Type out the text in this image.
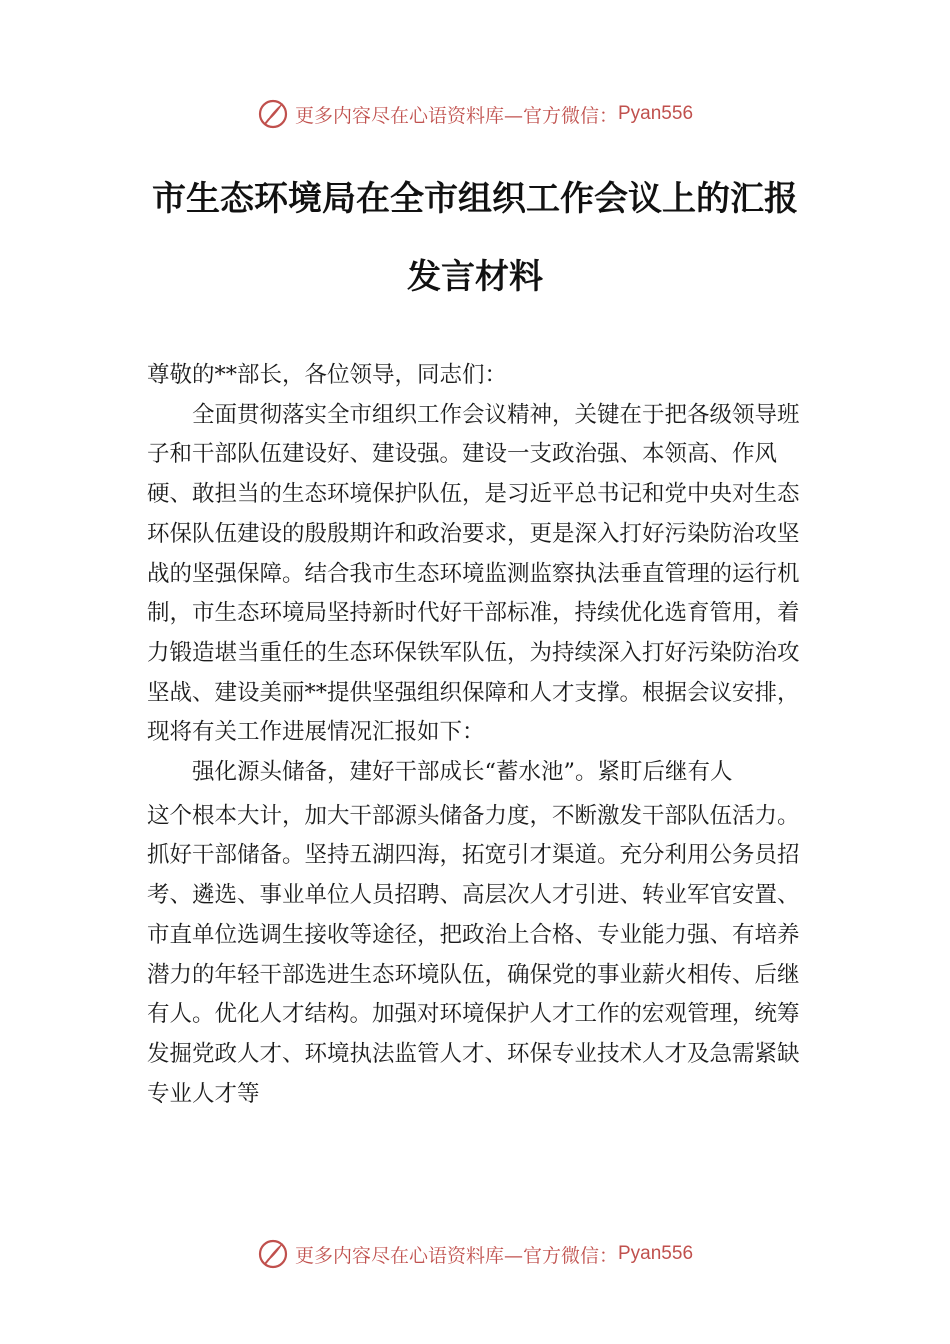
更多内容尽在心语资料库—官方微信： Pyan556
市生态环境局在全市组织工作会议上的汇报发言材料

尊敬的**部长，各位领导，同志们：

全面贯彻落实全市组织工作会议精神，关键在于把各级领导班子和干部队伍建设好、建设强。建设一支政治强、本领高、作风硬、敢担当的生态环境保护队伍，是习近平总书记和党中央对生态环保队伍建设的殷殷期许和政治要求，更是深入打好污染防治攻坚战的坚强保障。结合我市生态环境监测监察执法垂直管理的运行机制，市生态环境局坚持新时代好干部标准，持续优化选育管用，着力锻造堪当重任的生态环保铁军队伍，为持续深入打好污染防治攻坚战、建设美丽**提供坚强组织保障和人才支撑。根据会议安排，现将有关工作进展情况汇报如下：

强化源头储备，建好干部成长“蓄水池”。紧盯后继有人

这个根本大计，加大干部源头储备力度，不断激发干部队伍活力。抓好干部储备。坚持五湖四海，拓宽引才渠道。充分利用公务员招考、遴选、事业单位人员招聘、高层次人才引进、转业军官安置、市直单位选调生接收等途径，把政治上合格、专业能力强、有培养潜力的年轻干部选进生态环境队伍，确保党的事业薪火相传、后继有人。优化人才结构。加强对环境保护人才工作的宏观管理，统筹发掘党政人才、环境执法监管人才、环保专业技术人才及急需紧缺专业人才等

更多内容尽在心语资料库—官方微信： Pyan556
